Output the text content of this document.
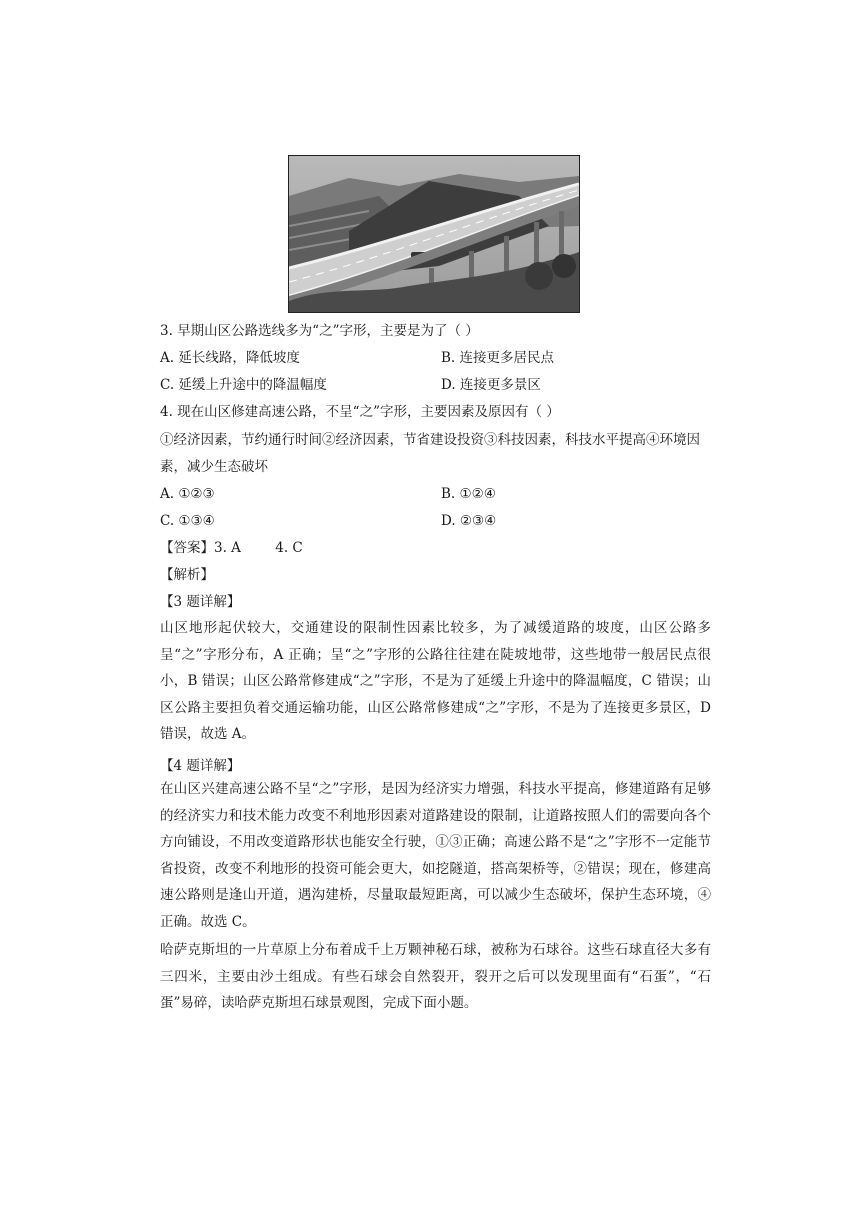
3. 早期山区公路选线多为“之”字形，主要是为了（ ）
A. 延长线路，降低坡度	B. 连接更多居民点
C. 延缓上升途中的降温幅度	D. 连接更多景区
4. 现在山区修建高速公路，不呈“之”字形，主要因素及原因有（ ）
①经济因素，节约通行时间②经济因素，节省建设投资③科技因素，科技水平提高④环境因
素，减少生态破坏
A. ①②③	B. ①②④
C. ①③④	D. ②③④
【答案】3. A        4. C
【解析】
【3 题详解】
山区地形起伏较大，交通建设的限制性因素比较多，为了减缓道路的坡度，山区公路多呈“之”字形分布，A 正确；呈“之”字形的公路往往建在陡坡地带，这些地带一般居民点很小，B 错误；山区公路常修建成“之”字形，不是为了延缓上升途中的降温幅度，C 错误；山区公路主要担负着交通运输功能，山区公路常修建成“之”字形，不是为了连接更多景区，D 错误，故选 A。
【4 题详解】
在山区兴建高速公路不呈“之”字形，是因为经济实力增强，科技水平提高，修建道路有足够的经济实力和技术能力改变不利地形因素对道路建设的限制，让道路按照人们的需要向各个方向铺设，不用改变道路形状也能安全行驶，①③正确；高速公路不是“之”字形不一定能节省投资，改变不利地形的投资可能会更大，如挖隧道，搭高架桥等，②错误；现在，修建高速公路则是逢山开道，遇沟建桥，尽量取最短距离，可以减少生态破坏，保护生态环境，④正确。故选 C。
哈萨克斯坦的一片草原上分布着成千上万颗神秘石球，被称为石球谷。这些石球直径大多有三四米，主要由沙土组成。有些石球会自然裂开，裂开之后可以发现里面有“石蛋”，“石蛋”易碎，读哈萨克斯坦石球景观图，完成下面小题。
